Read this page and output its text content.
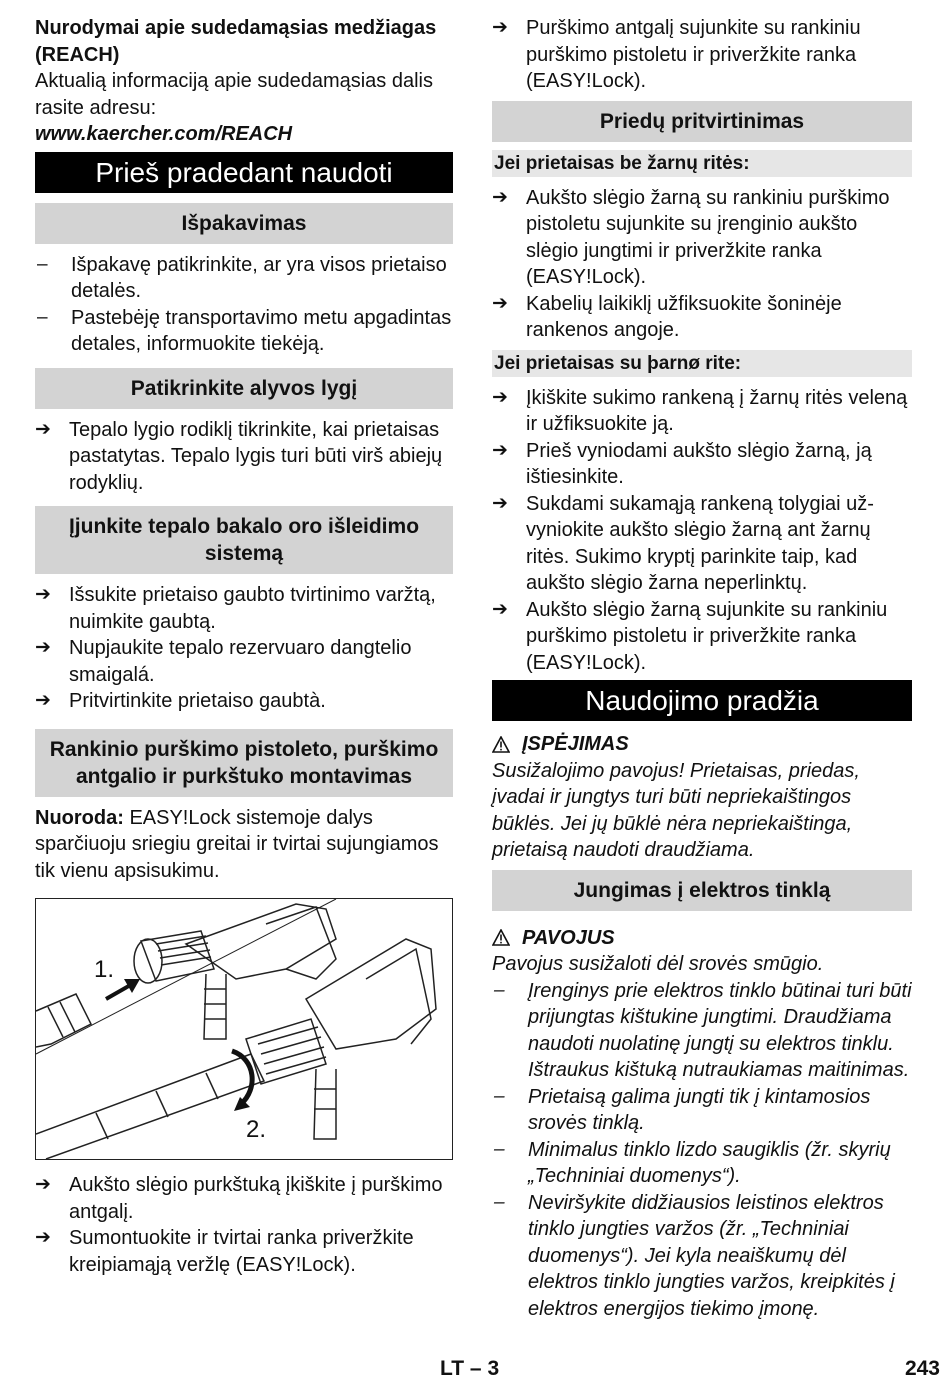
Nurodymai apie sudedamąsias medžiagas (REACH)

Aktualią informaciją apie sudedamąsias dalis rasite adresu:

www.kaercher.com/REACH

Prieš pradedant naudoti
Išpakavimas
–	Išpakavę patikrinkite, ar yra visos prietaiso detalės.
–	Pastebėję transportavimo metu apgadintas detales, informuokite tiekėją.
Patikrinkite alyvos lygį
➔ Tepalo lygio rodiklį tikrinkite, kai prietaisas pastatytas. Tepalo lygis turi būti virš abiejų rodyklių.
Įjunkite tepalo bakalo oro išleidimo sistemą
➔ Išsukite prietaiso gaubto tvirtinimo varžtą, nuimkite gaubtą.
➔ Nupjaukite tepalo rezervuaro dangtelio smaigalá.
➔ Pritvirtinkite prietaiso gaubtà.
Rankinio purškimo pistoleto, purškimo antgalio ir purkštuko montavimas

Nuoroda: EASY!Lock sistemoje dalys sparčiuoju sriegiu greitai ir tvirtai sujungiamos tik vienu apsisukimu.

1.
2.
➔ Aukšto slėgio purkštuką įkiškite į purškimo antgalį.
➔ Sumontuokite ir tvirtai ranka priveržkite kreipiamąją veržlę (EASY!Lock).
➔ Purškimo antgalį sujunkite su rankiniu purškimo pistoletu ir priveržkite ranka (EASY!Lock).
Priedų pritvirtinimas
Jei prietaisas be žarnų ritės:
➔ Aukšto slėgio žarną su rankiniu purškimo pistoletu sujunkite su įrenginio aukšto slėgio jungtimi ir priveržkite ranka (EASY!Lock).
➔ Kabelių laikiklį užfiksuokite šoninėje rankenos angoje.
Jei prietaisas su þarnø rite:
➔ Įkiškite sukimo rankeną į žarnų ritės veleną ir užfiksuokite ją.
➔ Prieš vyniodami aukšto slėgio žarną, ją ištiesinkite.
➔ Sukdami sukamąją rankeną tolygiai užvyniokite aukšto slėgio žarną ant žarnų ritės. Sukimo kryptį parinkite taip, kad aukšto slėgio žarna neperlinktų.
➔ Aukšto slėgio žarną sujunkite su rankiniu purškimo pistoletu ir priveržkite ranka (EASY!Lock).
Naudojimo pradžia
ĮSPĖJIMAS

Susižalojimo pavojus! Prietaisas, priedas, įvadai ir jungtys turi būti nepriekaištingos būklės. Jei jų būklė nėra nepriekaištinga, prietaisą naudoti draudžiama.

Jungimas į elektros tinklą
PAVOJUS

Pavojus susižaloti dėl srovės smūgio.

–	Įrenginys prie elektros tinklo būtinai turi būti prijungtas kištukine jungtimi. Draudžiama naudoti nuolatinę jungtį su elektros tinklu. Ištraukus kištuką nutraukiamas maitinimas.
–	Prietaisą galima jungti tik į kintamosios srovės tinklą.
–	Minimalus tinklo lizdo saugiklis (žr. skyrių „Techniniai duomenys“).
–	Neviršykite didžiausios leistinos elektros tinklo jungties varžos (žr. „Techniniai duomenys“). Jei kyla neaiškumų dėl elektros tinklo jungties varžos, kreipkitės į elektros energijos tiekimo įmonę.
LT – 3	243
